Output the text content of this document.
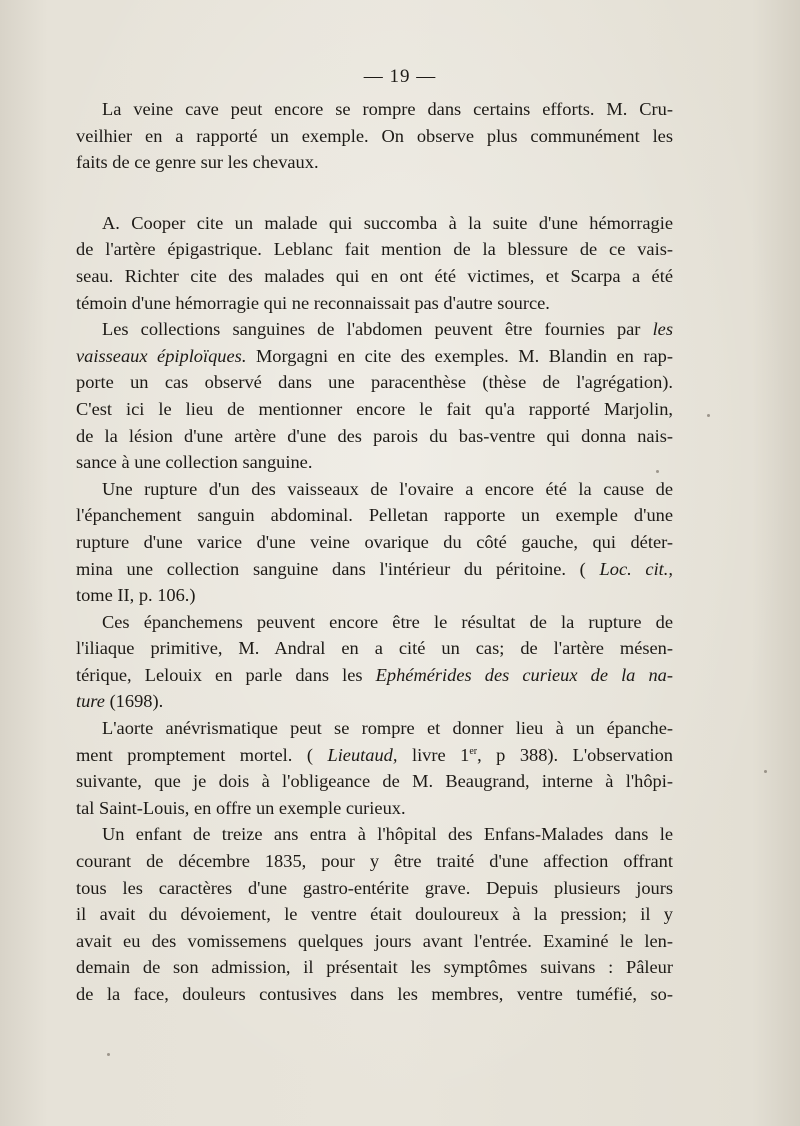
— 19 —
La veine cave peut encore se rompre dans certains efforts. M. Cru-
veilhier en a rapporté un exemple. On observe plus communément les
faits de ce genre sur les chevaux.
A. Cooper cite un malade qui succomba à la suite d'une hémorragie
de l'artère épigastrique. Leblanc fait mention de la blessure de ce vais-
seau. Richter cite des malades qui en ont été victimes, et Scarpa a été
témoin d'une hémorragie qui ne reconnaissait pas d'autre source.
Les collections sanguines de l'abdomen peuvent être fournies par les
vaisseaux épiploïques. Morgagni en cite des exemples. M. Blandin en rap-
porte un cas observé dans une paracenthèse (thèse de l'agrégation).
C'est ici le lieu de mentionner encore le fait qu'a rapporté Marjolin,
de la lésion d'une artère d'une des parois du bas-ventre qui donna nais-
sance à une collection sanguine.
Une rupture d'un des vaisseaux de l'ovaire a encore été la cause de
l'épanchement sanguin abdominal. Pelletan rapporte un exemple d'une
rupture d'une varice d'une veine ovarique du côté gauche, qui déter-
mina une collection sanguine dans l'intérieur du péritoine. ( Loc. cit.,
tome II, p. 106.)
Ces épanchemens peuvent encore être le résultat de la rupture de
l'iliaque primitive, M. Andral en a cité un cas; de l'artère mésen-
térique, Lelouix en parle dans les Ephémérides des curieux de la na-
ture (1698).
L'aorte anévrismatique peut se rompre et donner lieu à un épanche-
ment promptement mortel. ( Lieutaud, livre 1er, p 388). L'observation
suivante, que je dois à l'obligeance de M. Beaugrand, interne à l'hôpi-
tal Saint-Louis, en offre un exemple curieux.
Un enfant de treize ans entra à l'hôpital des Enfans-Malades dans le
courant de décembre 1835, pour y être traité d'une affection offrant
tous les caractères d'une gastro-entérite grave. Depuis plusieurs jours
il avait du dévoiement, le ventre était douloureux à la pression; il y
avait eu des vomissemens quelques jours avant l'entrée. Examiné le len-
demain de son admission, il présentait les symptômes suivans : Pâleur
de la face, douleurs contusives dans les membres, ventre tuméfié, so-
